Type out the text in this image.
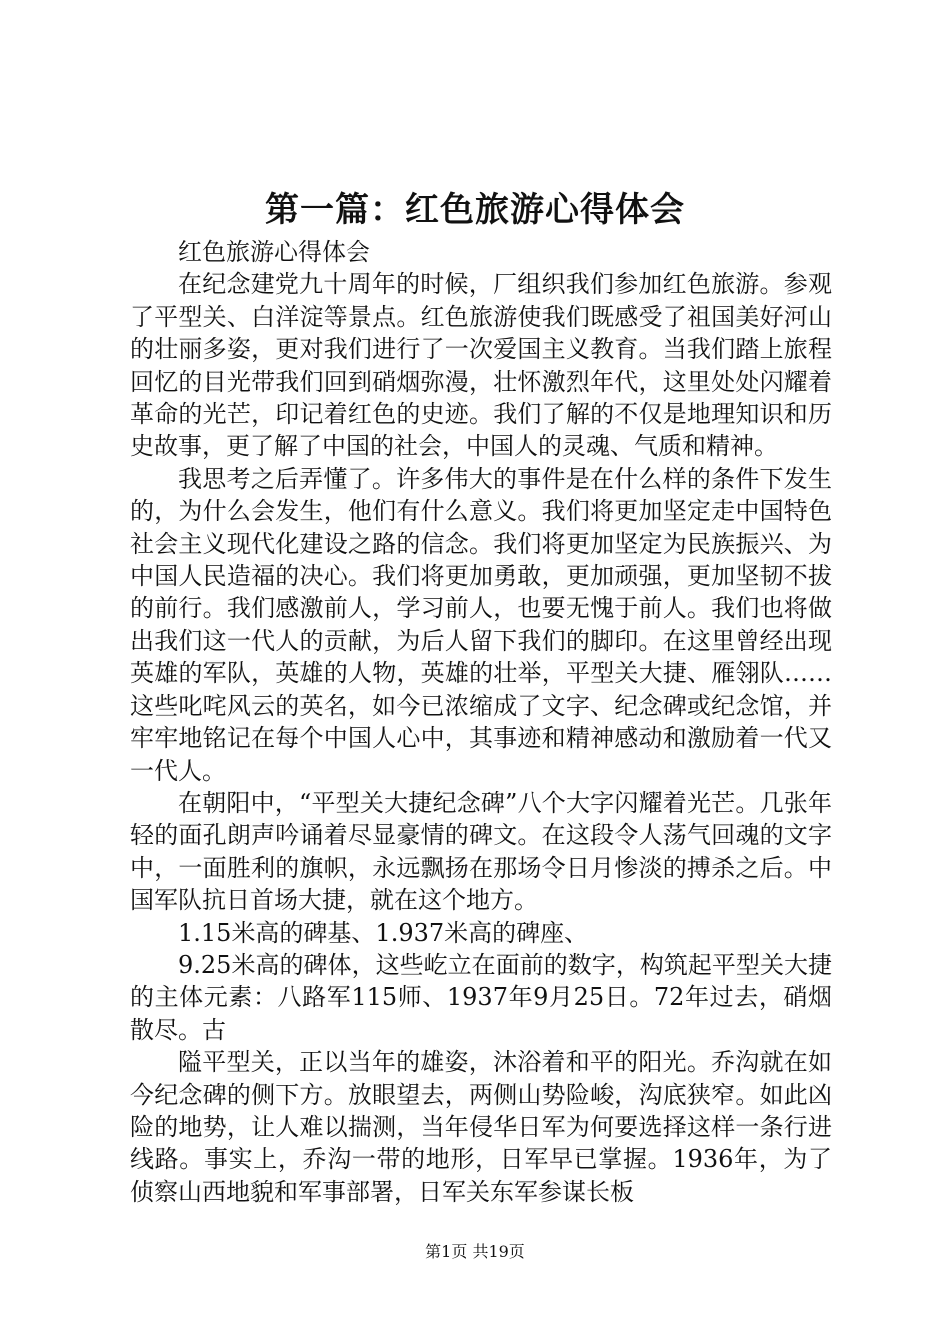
第一篇：红色旅游心得体会

红色旅游心得体会

在纪念建党九十周年的时候，厂组织我们参加红色旅游。参观了平型关、白洋淀等景点。红色旅游使我们既感受了祖国美好河山的壮丽多姿，更对我们进行了一次爱国主义教育。当我们踏上旅程回忆的目光带我们回到硝烟弥漫，壮怀激烈年代，这里处处闪耀着革命的光芒，印记着红色的史迹。我们了解的不仅是地理知识和历史故事，更了解了中国的社会，中国人的灵魂、气质和精神。

我思考之后弄懂了。许多伟大的事件是在什么样的条件下发生的，为什么会发生，他们有什么意义。我们将更加坚定走中国特色社会主义现代化建设之路的信念。我们将更加坚定为民族振兴、为中国人民造福的决心。我们将更加勇敢，更加顽强，更加坚韧不拔的前行。我们感激前人，学习前人，也要无愧于前人。我们也将做出我们这一代人的贡献，为后人留下我们的脚印。在这里曾经出现英雄的军队，英雄的人物，英雄的壮举，平型关大捷、雁翎队……这些叱咤风云的英名，如今已浓缩成了文字、纪念碑或纪念馆，并牢牢地铭记在每个中国人心中，其事迹和精神感动和激励着一代又一代人。

在朝阳中，“平型关大捷纪念碑”八个大字闪耀着光芒。几张年轻的面孔朗声吟诵着尽显豪情的碑文。在这段令人荡气回魂的文字中，一面胜利的旗帜，永远飘扬在那场令日月惨淡的搏杀之后。中国军队抗日首场大捷，就在这个地方。

1.15米高的碑基、1.937米高的碑座、

9.25米高的碑体，这些屹立在面前的数字，构筑起平型关大捷的主体元素：八路军115师、1937年9月25日。72年过去，硝烟散尽。古

隘平型关，正以当年的雄姿，沐浴着和平的阳光。乔沟就在如今纪念碑的侧下方。放眼望去，两侧山势险峻，沟底狭窄。如此凶险的地势，让人难以揣测，当年侵华日军为何要选择这样一条行进线路。事实上，乔沟一带的地形，日军早已掌握。1936年，为了侦察山西地貌和军事部署，日军关东军参谋长板

第1页 共19页
